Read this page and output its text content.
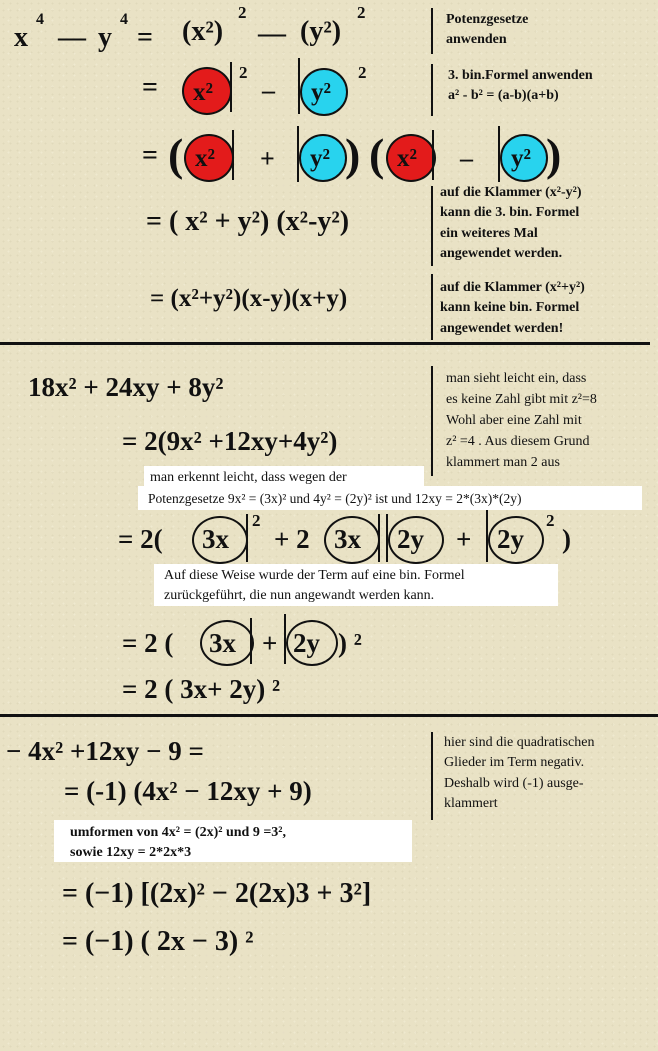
x
4
— y
4
= (x²)
2
— (y²)
2	Potenzgesetze
anwenden
= x²
2
– y²
2	3. bin.Formel anwenden
a² - b² = (a-b)(a+b)
= ( x² + y² ) ( x² – y² )
= ( x² + y²) (x²-y²)
auf die Klammer (x²-y²)
kann die 3. bin. Formel
ein weiteres Mal
angewendet werden.
= (x²+y²)(x-y)(x+y)	auf die Klammer (x²+y²)
kann keine bin. Formel
angewendet werden!
18x² + 24xy + 8y²	man sieht leicht ein, dass
es keine Zahl gibt mit z²=8
Wohl aber eine Zahl mit
z² =4 . Aus diesem Grund
klammert man 2 aus
= 2(9x² +12xy+4y²)
man erkennt leicht, dass wegen der
Potenzgesetze 9x² = (3x)² und 4y² = (2y)² ist und 12xy = 2*(3x)*(2y)
= 2( 3x
2
+ 2 3x 2y + 2y
2
)
Auf diese Weise wurde der Term auf eine bin. Formel
zurückgeführt, die nun angewandt werden kann.
= 2 ( 3x + 2y ) ²
= 2 ( 3x+ 2y) ²
− 4x² +12xy − 9 =
= (-1) (4x² − 12xy + 9)
hier sind die quadratischen
Glieder im Term negativ.
Deshalb wird (-1) ausge-
klammert
umformen von 4x² = (2x)² und 9 =3²,
sowie 12xy = 2*2x*3
= (−1) [(2x)² − 2(2x)3 + 3²]
= (−1) ( 2x − 3) ²
